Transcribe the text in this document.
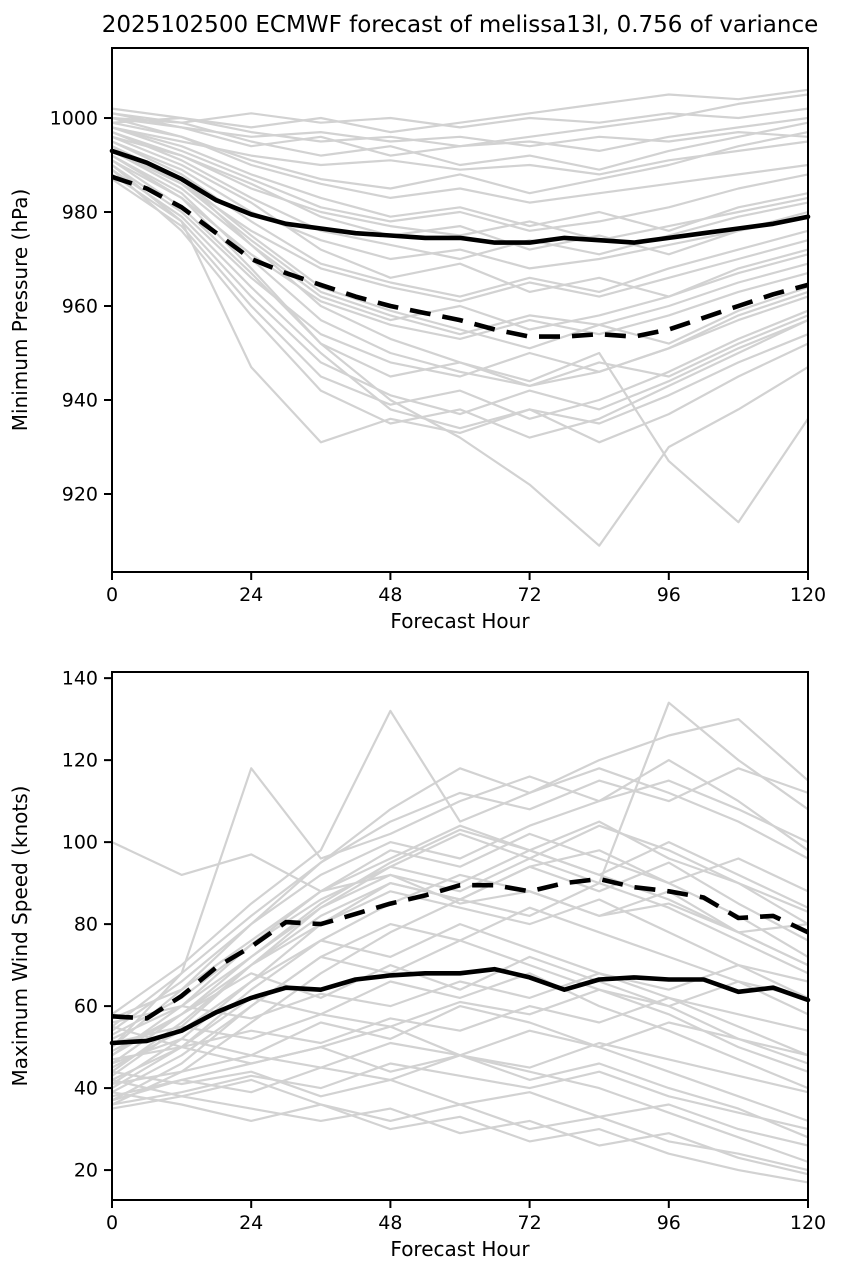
0	24	48	72	96	120
920
940
960
980
1000
0	24	48	72	96	120
20
40
60
80
100
120
140
2025102500 ECMWF forecast of melissa13l, 0.756 of variance
Minimum Pressure (hPa)
Forecast Hour
Maximum Wind Speed (knots)
Forecast Hour
